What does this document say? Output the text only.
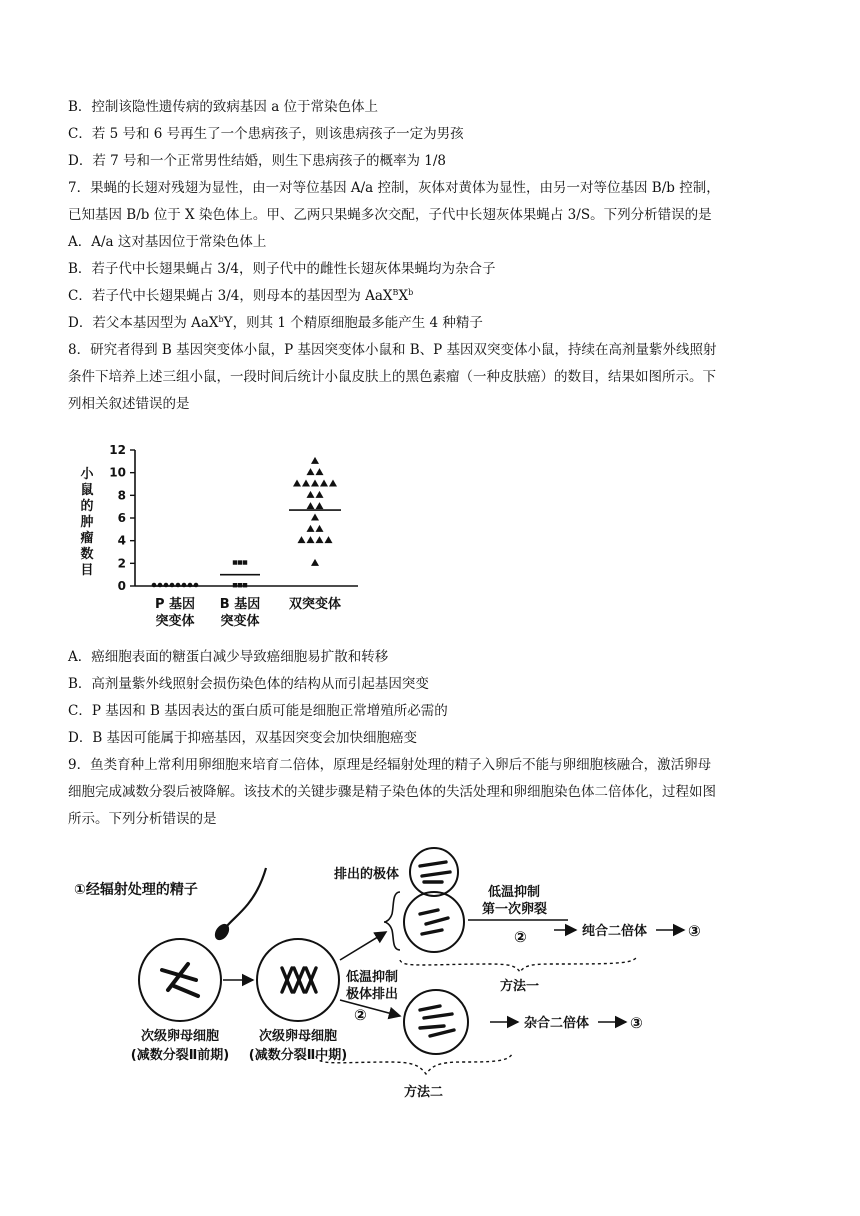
B．控制该隐性遗传病的致病基因 a 位于常染色体上
C．若 5 号和 6 号再生了一个患病孩子，则该患病孩子一定为男孩
D．若 7 号和一个正常男性结婚，则生下患病孩子的概率为 1/8
7．果蝇的长翅对残翅为显性，由一对等位基因 A/a 控制，灰体对黄体为显性，由另一对等位基因 B/b 控制，
已知基因 B/b 位于 X 染色体上。甲、乙两只果蝇多次交配，子代中长翅灰体果蝇占 3/S。下列分析错误的是
A．A/a 这对基因位于常染色体上
B．若子代中长翅果蝇占 3/4，则子代中的雌性长翅灰体果蝇均为杂合子
C．若子代中长翅果蝇占 3/4，则母本的基因型为 $AaX^BX^b$
D．若父本基因型为 AaX$^b$Y，则其 1 个精原细胞最多能产生 4 种精子
8．研究者得到 B 基因突变体小鼠，P 基因突变体小鼠和 B、P 基因双突变体小鼠，持续在高剂量紫外线照射
条件下培养上述三组小鼠，一段时间后统计小鼠皮肤上的黑色素瘤（一种皮肤癌）的数目，结果如图所示。下
列相关叙述错误的是
小
鼠
的
肿
瘤
数
目
0
2
4
6
8
10
12
P 基因
突变体
B 基因
突变体
双突变体
A．癌细胞表面的糖蛋白减少导致癌细胞易扩散和转移
B．高剂量紫外线照射会损伤染色体的结构从而引起基因突变
C．P 基因和 B 基因表达的蛋白质可能是细胞正常增殖所必需的
D．B 基因可能属于抑癌基因，双基因突变会加快细胞癌变
9．鱼类育种上常利用卵细胞来培育二倍体，原理是经辐射处理的精子入卵后不能与卵细胞核融合，激活卵母
细胞完成减数分裂后被降解。该技术的关键步骤是精子染色体的失活处理和卵细胞染色体二倍体化，过程如图
所示。下列分析错误的是
①经辐射处理的精子
次级卵母细胞
(减数分裂Ⅱ前期)
次级卵母细胞
(减数分裂Ⅱ中期)
低温抑制
极体排出
②
排出的极体
低温抑制
第一次卵裂
②	纯合二倍体	③
方法一
杂合二倍体	③
方法二
